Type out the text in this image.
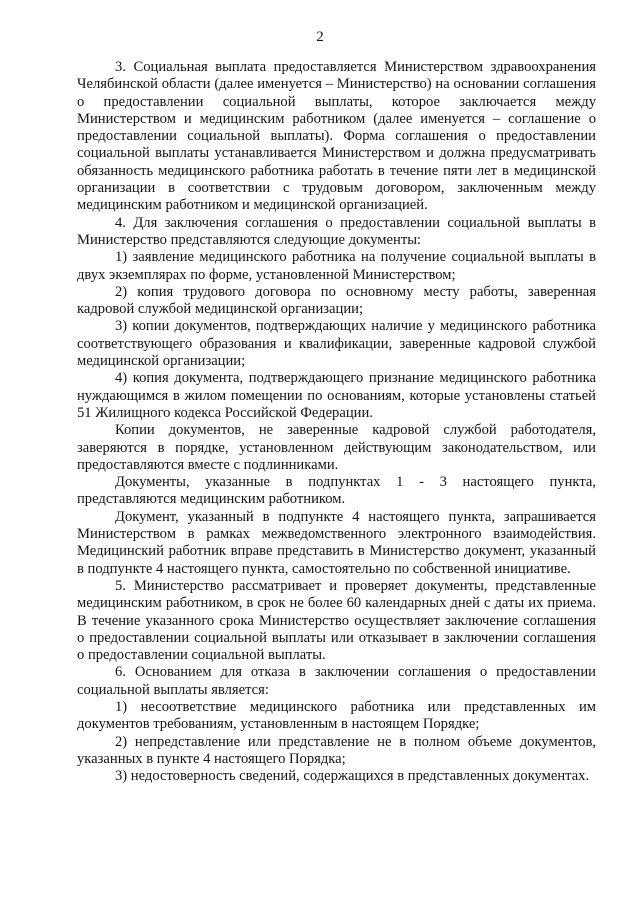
2

3. Социальная выплата предоставляется Министерством здравоохранения Челябинской области (далее именуется – Министерство) на основании соглашения о предоставлении социальной выплаты, которое заключается между Министерством и медицинским работником (далее именуется – соглашение о предоставлении социальной выплаты). Форма соглашения о предоставлении социальной выплаты устанавливается Министерством и должна предусматривать обязанность медицинского работника работать в течение пяти лет в медицинской организации в соответствии с трудовым договором, заключенным между медицинским работником и медицинской организацией.

4. Для заключения соглашения о предоставлении социальной выплаты в Министерство представляются следующие документы:

1) заявление медицинского работника на получение социальной выплаты в двух экземплярах по форме, установленной Министерством;

2) копия трудового договора по основному месту работы, заверенная кадровой службой медицинской организации;

3) копии документов, подтверждающих наличие у медицинского работника соответствующего образования и квалификации, заверенные кадровой службой медицинской организации;

4) копия документа, подтверждающего признание медицинского работника нуждающимся в жилом помещении по основаниям, которые установлены статьей 51 Жилищного кодекса Российской Федерации.

Копии документов, не заверенные кадровой службой работодателя, заверяются в порядке, установленном действующим законодательством, или предоставляются вместе с подлинниками.

Документы, указанные в подпунктах 1 - 3 настоящего пункта, представляются медицинским работником.

Документ, указанный в подпункте 4 настоящего пункта, запрашивается Министерством в рамках межведомственного электронного взаимодействия. Медицинский работник вправе представить в Министерство документ, указанный в подпункте 4 настоящего пункта, самостоятельно по собственной инициативе.

5. Министерство рассматривает и проверяет документы, представленные медицинским работником, в срок не более 60 календарных дней с даты их приема. В течение указанного срока Министерство осуществляет заключение соглашения о предоставлении социальной выплаты или отказывает в заключении соглашения о предоставлении социальной выплаты.

6. Основанием для отказа в заключении соглашения о предоставлении социальной выплаты является:

1) несоответствие медицинского работника или представленных им документов требованиям, установленным в настоящем Порядке;

2) непредставление или представление не в полном объеме документов, указанных в пункте 4 настоящего Порядка;

3) недостоверность сведений, содержащихся в представленных документах.
